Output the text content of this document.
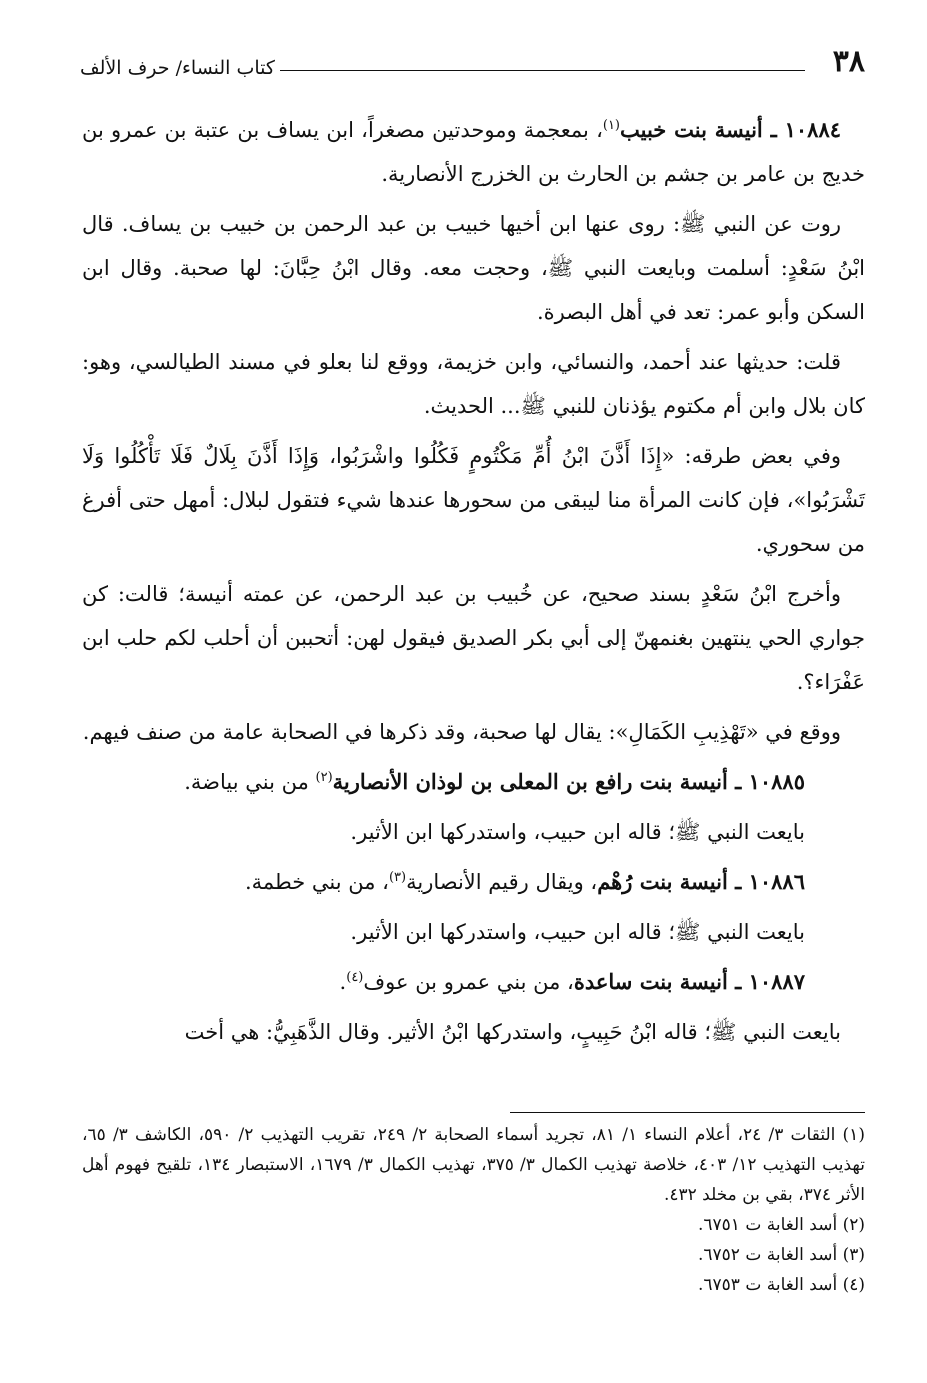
٣٨
كتاب النساء/ حرف الألف

١٠٨٨٤ ـ أنيسة بنت خبيب$^{(١)}$، بمعجمة وموحدتين مصغراً، ابن يساف بن عتبة بن عمرو بن خديج بن عامر بن جشم بن الحارث بن الخزرج الأنصارية.

روت عن النبي ﷺ: روى عنها ابن أخيها خبيب بن عبد الرحمن بن خبيب بن يساف. قال ابْنُ سَعْدٍ: أسلمت وبايعت النبي ﷺ، وحجت معه. وقال ابْنُ حِبَّانَ: لها صحبة. وقال ابن السكن وأبو عمر: تعد في أهل البصرة.

قلت: حديثها عند أحمد، والنسائي، وابن خزيمة، ووقع لنا بعلو في مسند الطيالسي، وهو: كان بلال وابن أم مكتوم يؤذنان للنبي ﷺ... الحديث.

وفي بعض طرقه: «إِذَا أَذَّنَ ابْنُ أُمِّ مَكْتُومٍ فَكُلُوا واشْرَبُوا، وَإِذَا أَذَّنَ بِلَالٌ فَلَا تَأْكُلُوا وَلَا تَشْرَبُوا»، فإن كانت المرأة منا ليبقى من سحورها عندها شيء فتقول لبلال: أمهل حتى أفرغ من سحوري.

وأخرج ابْنُ سَعْدٍ بسند صحيح، عن خُبيب بن عبد الرحمن، عن عمته أنيسة؛ قالت: كن جواري الحي ينتهين بغنمهنّ إلى أبي بكر الصديق فيقول لهن: أتحببن أن أحلب لكم حلب ابن عَفْرَاء؟.

ووقع في «تَهْذِيبِ الكَمَالِ»: يقال لها صحبة، وقد ذكرها في الصحابة عامة من صنف فيهم.

١٠٨٨٥ ـ أنيسة بنت رافع بن المعلى بن لوذان الأنصارية$^{(٢)}$ من بني بياضة.

بايعت النبي ﷺ؛ قاله ابن حبيب، واستدركها ابن الأثير.

١٠٨٨٦ ـ أنيسة بنت رُهْم، ويقال رقيم الأنصارية$^{(٣)}$، من بني خطمة.

بايعت النبي ﷺ؛ قاله ابن حبيب، واستدركها ابن الأثير.

١٠٨٨٧ ـ أنيسة بنت ساعدة، من بني عمرو بن عوف$^{(٤)}$.

بايعت النبي ﷺ؛ قاله ابْنُ حَبِيبٍ، واستدركها ابْنُ الأثير. وقال الذَّهَبِيُّ: هي أخت

(١) الثقات ٣/ ٢٤، أعلام النساء ١/ ٨١، تجريد أسماء الصحابة ٢/ ٢٤٩، تقريب التهذيب ٢/ ٥٩٠، الكاشف ٣/ ٦٥، تهذيب التهذيب ١٢/ ٤٠٣، خلاصة تهذيب الكمال ٣/ ٣٧٥، تهذيب الكمال ٣/ ١٦٧٩، الاستبصار ١٣٤، تلقيح فهوم أهل الأثر ٣٧٤، بقي بن مخلد ٤٣٢.

(٢) أسد الغابة ت ٦٧٥١.

(٣) أسد الغابة ت ٦٧٥٢.

(٤) أسد الغابة ت ٦٧٥٣.
